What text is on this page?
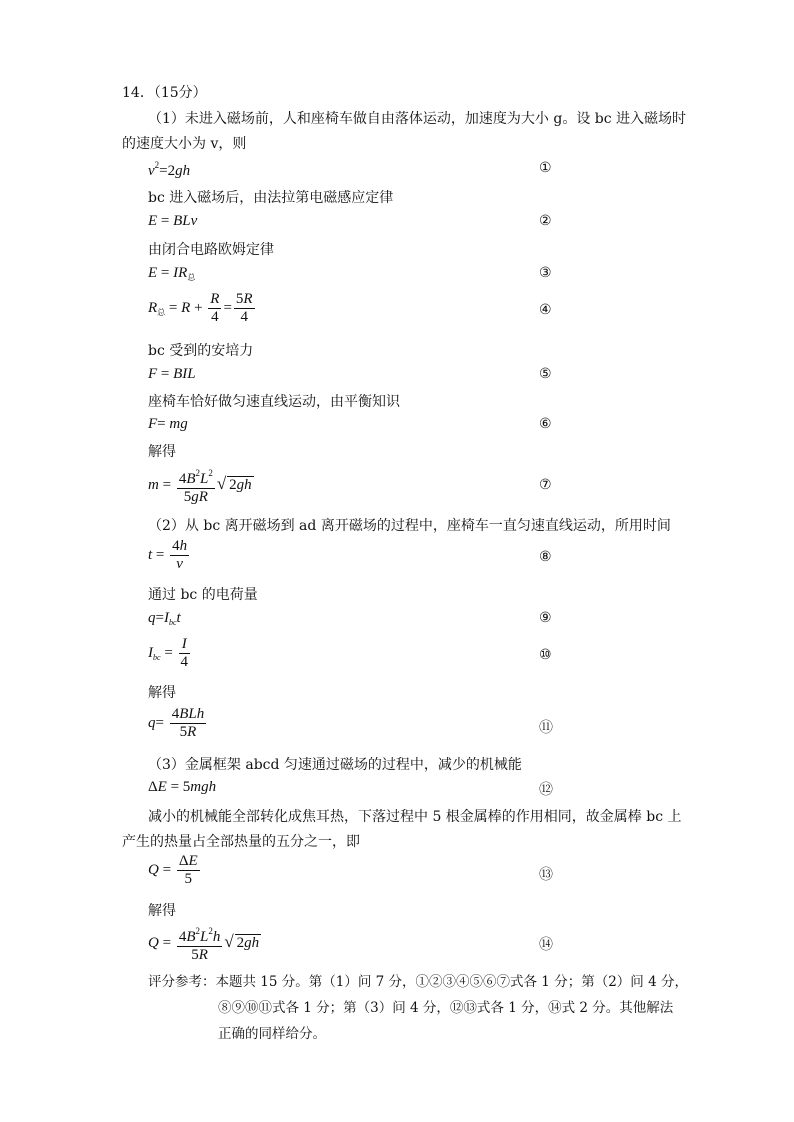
14．（15分）
（1）未进入磁场前，人和座椅车做自由落体运动，加速度为大小 g。设 bc 进入磁场时
的速度大小为 v，则
$v^2=2gh$	①
bc 进入磁场后，由法拉第电磁感应定律
E = BLv	②
由闭合电路欧姆定律
$E = IR_总$	③
$R_总 = R + \frac{R}{4} = \frac{5R}{4}$	④
bc 受到的安培力
F = BIL	⑤
座椅车恰好做匀速直线运动，由平衡知识
F= mg	⑥
解得
$m = \frac{4B^2L^2}{5gR}$ √ 2gh	⑦
（2）从 bc 离开磁场到 ad 离开磁场的过程中，座椅车一直匀速直线运动，所用时间
$t = \frac{4h}{v}$	⑧
通过 bc 的电荷量
$q=I_{bc}t$	⑨
$I_{bc} = \frac{I}{4}$	⑩
解得
$q= \frac{\text{4BLh}}{5R}$	⑪
（3）金属框架 abcd 匀速通过磁场的过程中，减少的机械能
ΔE = 5mgh	⑫
减小的机械能全部转化成焦耳热，下落过程中 5 根金属棒的作用相同，故金属棒 bc 上
产生的热量占全部热量的五分之一，即
$Q = \frac{\Delta E}{5}$	⑬
解得
$Q = \frac{4B^2L^2h}{5R}$ √ 2gh	⑭
评分参考：本题共 15 分。第（1）问 7 分，①②③④⑤⑥⑦式各 1 分；第（2）问 4 分，
⑧⑨⑩⑪式各 1 分；第（3）问 4 分，⑫⑬式各 1 分，⑭式 2 分。其他解法
正确的同样给分。
